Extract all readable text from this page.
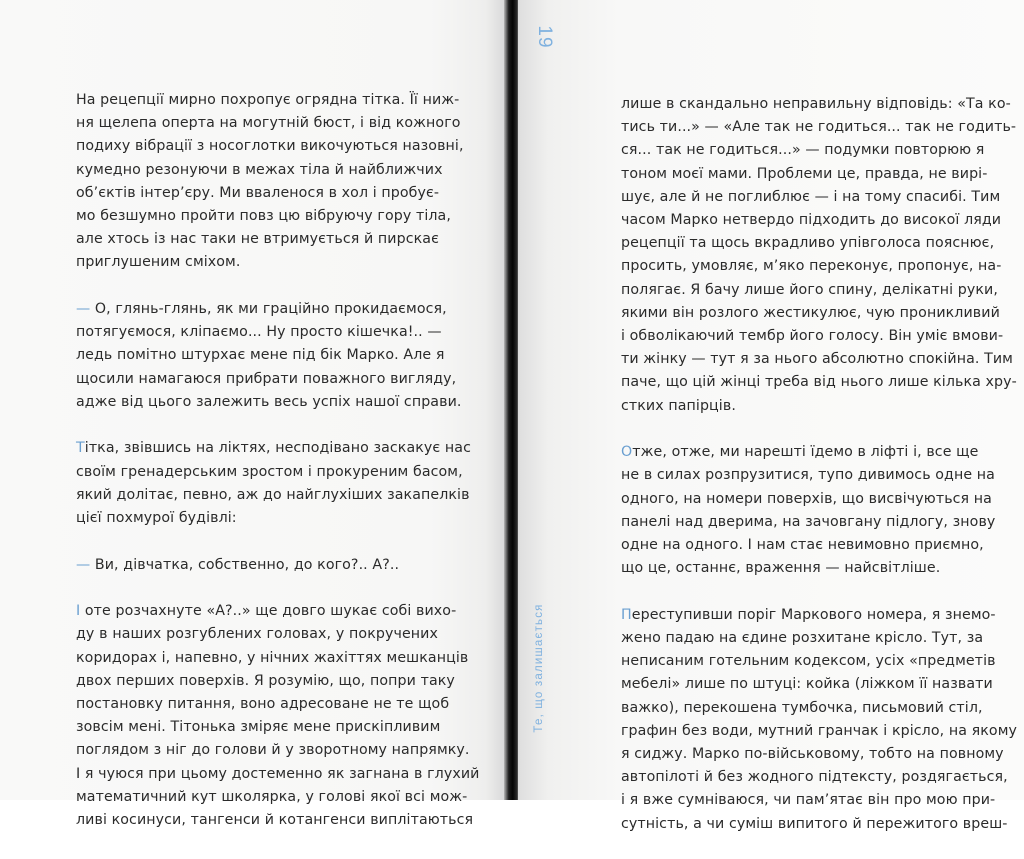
На рецепції мирно похропує огрядна тітка. Її ниж-
ня щелепа оперта на могутній бюст, і від кожного
подиху вібрації з носоглотки викочуються назовні,
кумедно резонуючи в межах тіла й найближчих
об’єктів інтер’єру. Ми вваленося в хол і пробує-
мо безшумно пройти повз цю вібруючу гору тіла,
але хтось із нас таки не втримується й пирскає
приглушеним сміхом.
— О, глянь-глянь, як ми граційно прокидаємося,
потягуємося, кліпаємо... Ну просто кішечка!.. —
ледь помітно штурхає мене під бік Марко. Але я
щосили намагаюся прибрати поважного вигляду,
адже від цього залежить весь успіх нашої справи.
Тітка, звівшись на ліктях, несподівано заскакує нас
своїм гренадерським зростом і прокуреним басом,
який долітає, певно, аж до найглухіших закапелків
цієї похмурої будівлі:
— Ви, дівчатка, собственно, до кого?.. А?..
І оте розчахнуте «А?..» ще довго шукає собі вихо-
ду в наших розгублених головах, у покручених
коридорах і, напевно, у нічних жахіттях мешканців
двох перших поверхів. Я розумію, що, попри таку
постановку питання, воно адресоване не те щоб
зовсім мені. Тітонька зміряє мене прискіпливим
поглядом з ніг до голови й у зворотному напрямку.
І я чуюся при цьому достеменно як загнана в глухий
математичний кут школярка, у голові якої всі мож-
ливі косинуси, тангенси й котангенси виплітаються
19
Те, що залишається
лише в скандально неправильну відповідь: «Та ко-
тись ти...» — «Але так не годиться... так не годить-
ся... так не годиться...» — подумки повторюю я
тоном моєї мами. Проблеми це, правда, не вирі-
шує, але й не поглиблює — і на тому спасибі. Тим
часом Марко нетвердо підходить до високої ляди
рецепції та щось вкрадливо упівголоса пояснює,
просить, умовляє, м’яко переконує, пропонує, на-
полягає. Я бачу лише його спину, делікатні руки,
якими він розлого жестикулює, чую проникливий
і обволікаючий тембр його голосу. Він уміє вмови-
ти жінку — тут я за нього абсолютно спокійна. Тим
паче, що цій жінці треба від нього лише кілька хру-
стких папірців.
Отже, отже, ми нарешті їдемо в ліфті і, все ще
не в силах розпрузитися, тупо дивимось одне на
одного, на номери поверхів, що висвічуються на
панелі над дверима, на зачовгану підлогу, знову
одне на одного. І нам стає невимовно приємно,
що це, останнє, враження — найсвітліше.
Переступивши поріг Маркового номера, я знемо-
жено падаю на єдине розхитане крісло. Тут, за
неписаним готельним кодексом, усіх «предметів
мебелі» лише по штуці: койка (ліжком її назвати
важко), перекошена тумбочка, письмовий стіл,
графин без води, мутний гранчак і крісло, на якому
я сиджу. Марко по-військовому, тобто на повному
автопілоті й без жодного підтексту, роздягається,
і я вже сумніваюся, чи пам’ятає він про мою при-
сутність, а чи суміш випитого й пережитого вреш-
